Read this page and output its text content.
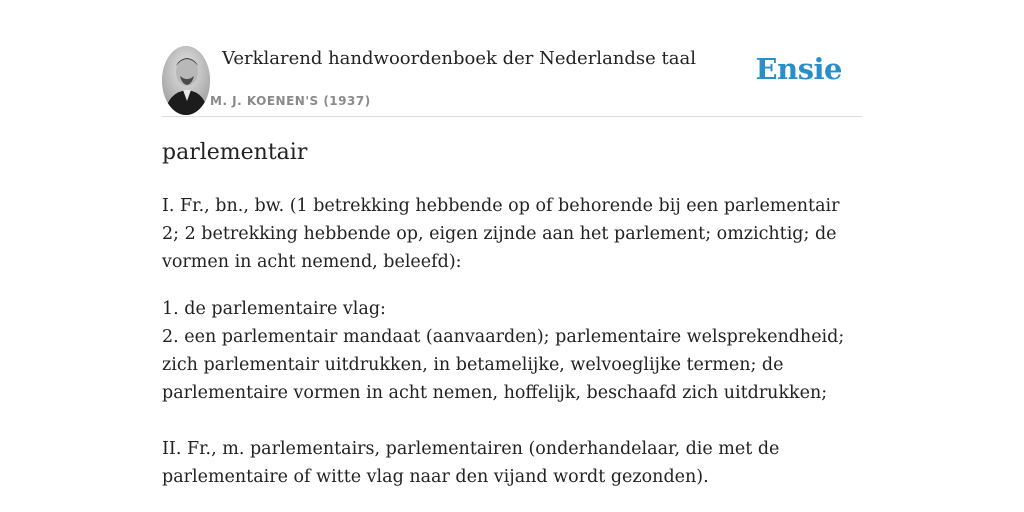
Verklarend handwoordenboek der Nederlandse taal
M. J. KOENEN'S (1937)
Ensie
parlementair

I. Fr., bn., bw. (1 betrekking hebbende op of behorende bij een parlementair 2; 2 betrekking hebbende op, eigen zijnde aan het parlement; omzichtig; de vormen in acht nemend, beleefd):

1. de parlementaire vlag:

2. een parlementair mandaat (aanvaarden); parlementaire welsprekendheid; zich parlementair uitdrukken, in betamelijke, welvoeglijke termen; de parlementaire vormen in acht nemen, hoffelijk, beschaafd zich uitdrukken;

II. Fr., m. parlementairs, parlementairen (onderhandelaar, die met de parlementaire of witte vlag naar den vijand wordt gezonden).
